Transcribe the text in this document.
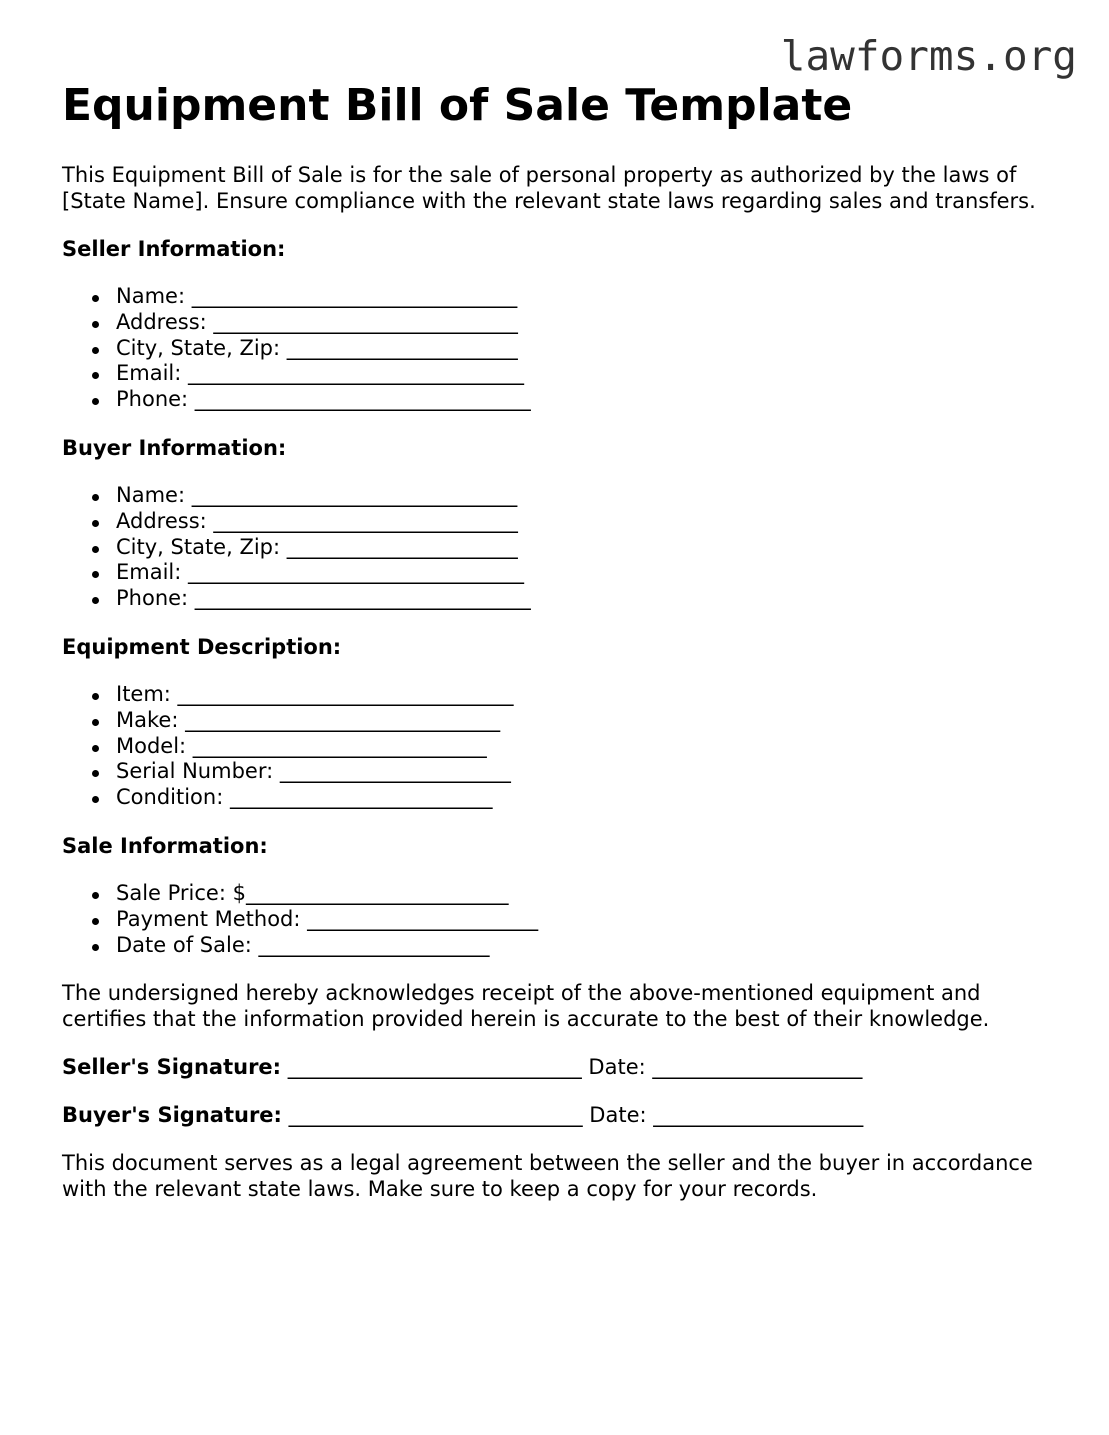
lawforms.org
Equipment Bill of Sale Template

This Equipment Bill of Sale is for the sale of personal property as authorized by the laws of [State Name]. Ensure compliance with the relevant state laws regarding sales and transfers.

Seller Information:

Name: _______________________________
Address: _____________________________
City, State, Zip: ______________________
Email: ________________________________
Phone: ________________________________

Buyer Information:

Name: _______________________________
Address: _____________________________
City, State, Zip: ______________________
Email: ________________________________
Phone: ________________________________

Equipment Description:

Item: ________________________________
Make: ______________________________
Model: ____________________________
Serial Number: ______________________
Condition: _________________________

Sale Information:

Sale Price: $_________________________
Payment Method: ______________________
Date of Sale: ______________________

The undersigned hereby acknowledges receipt of the above-mentioned equipment and certifies that the information provided herein is accurate to the best of their knowledge.

Seller's Signature: ____________________________ Date: ____________________

Buyer's Signature: ____________________________ Date: ____________________

This document serves as a legal agreement between the seller and the buyer in accordance with the relevant state laws. Make sure to keep a copy for your records.
